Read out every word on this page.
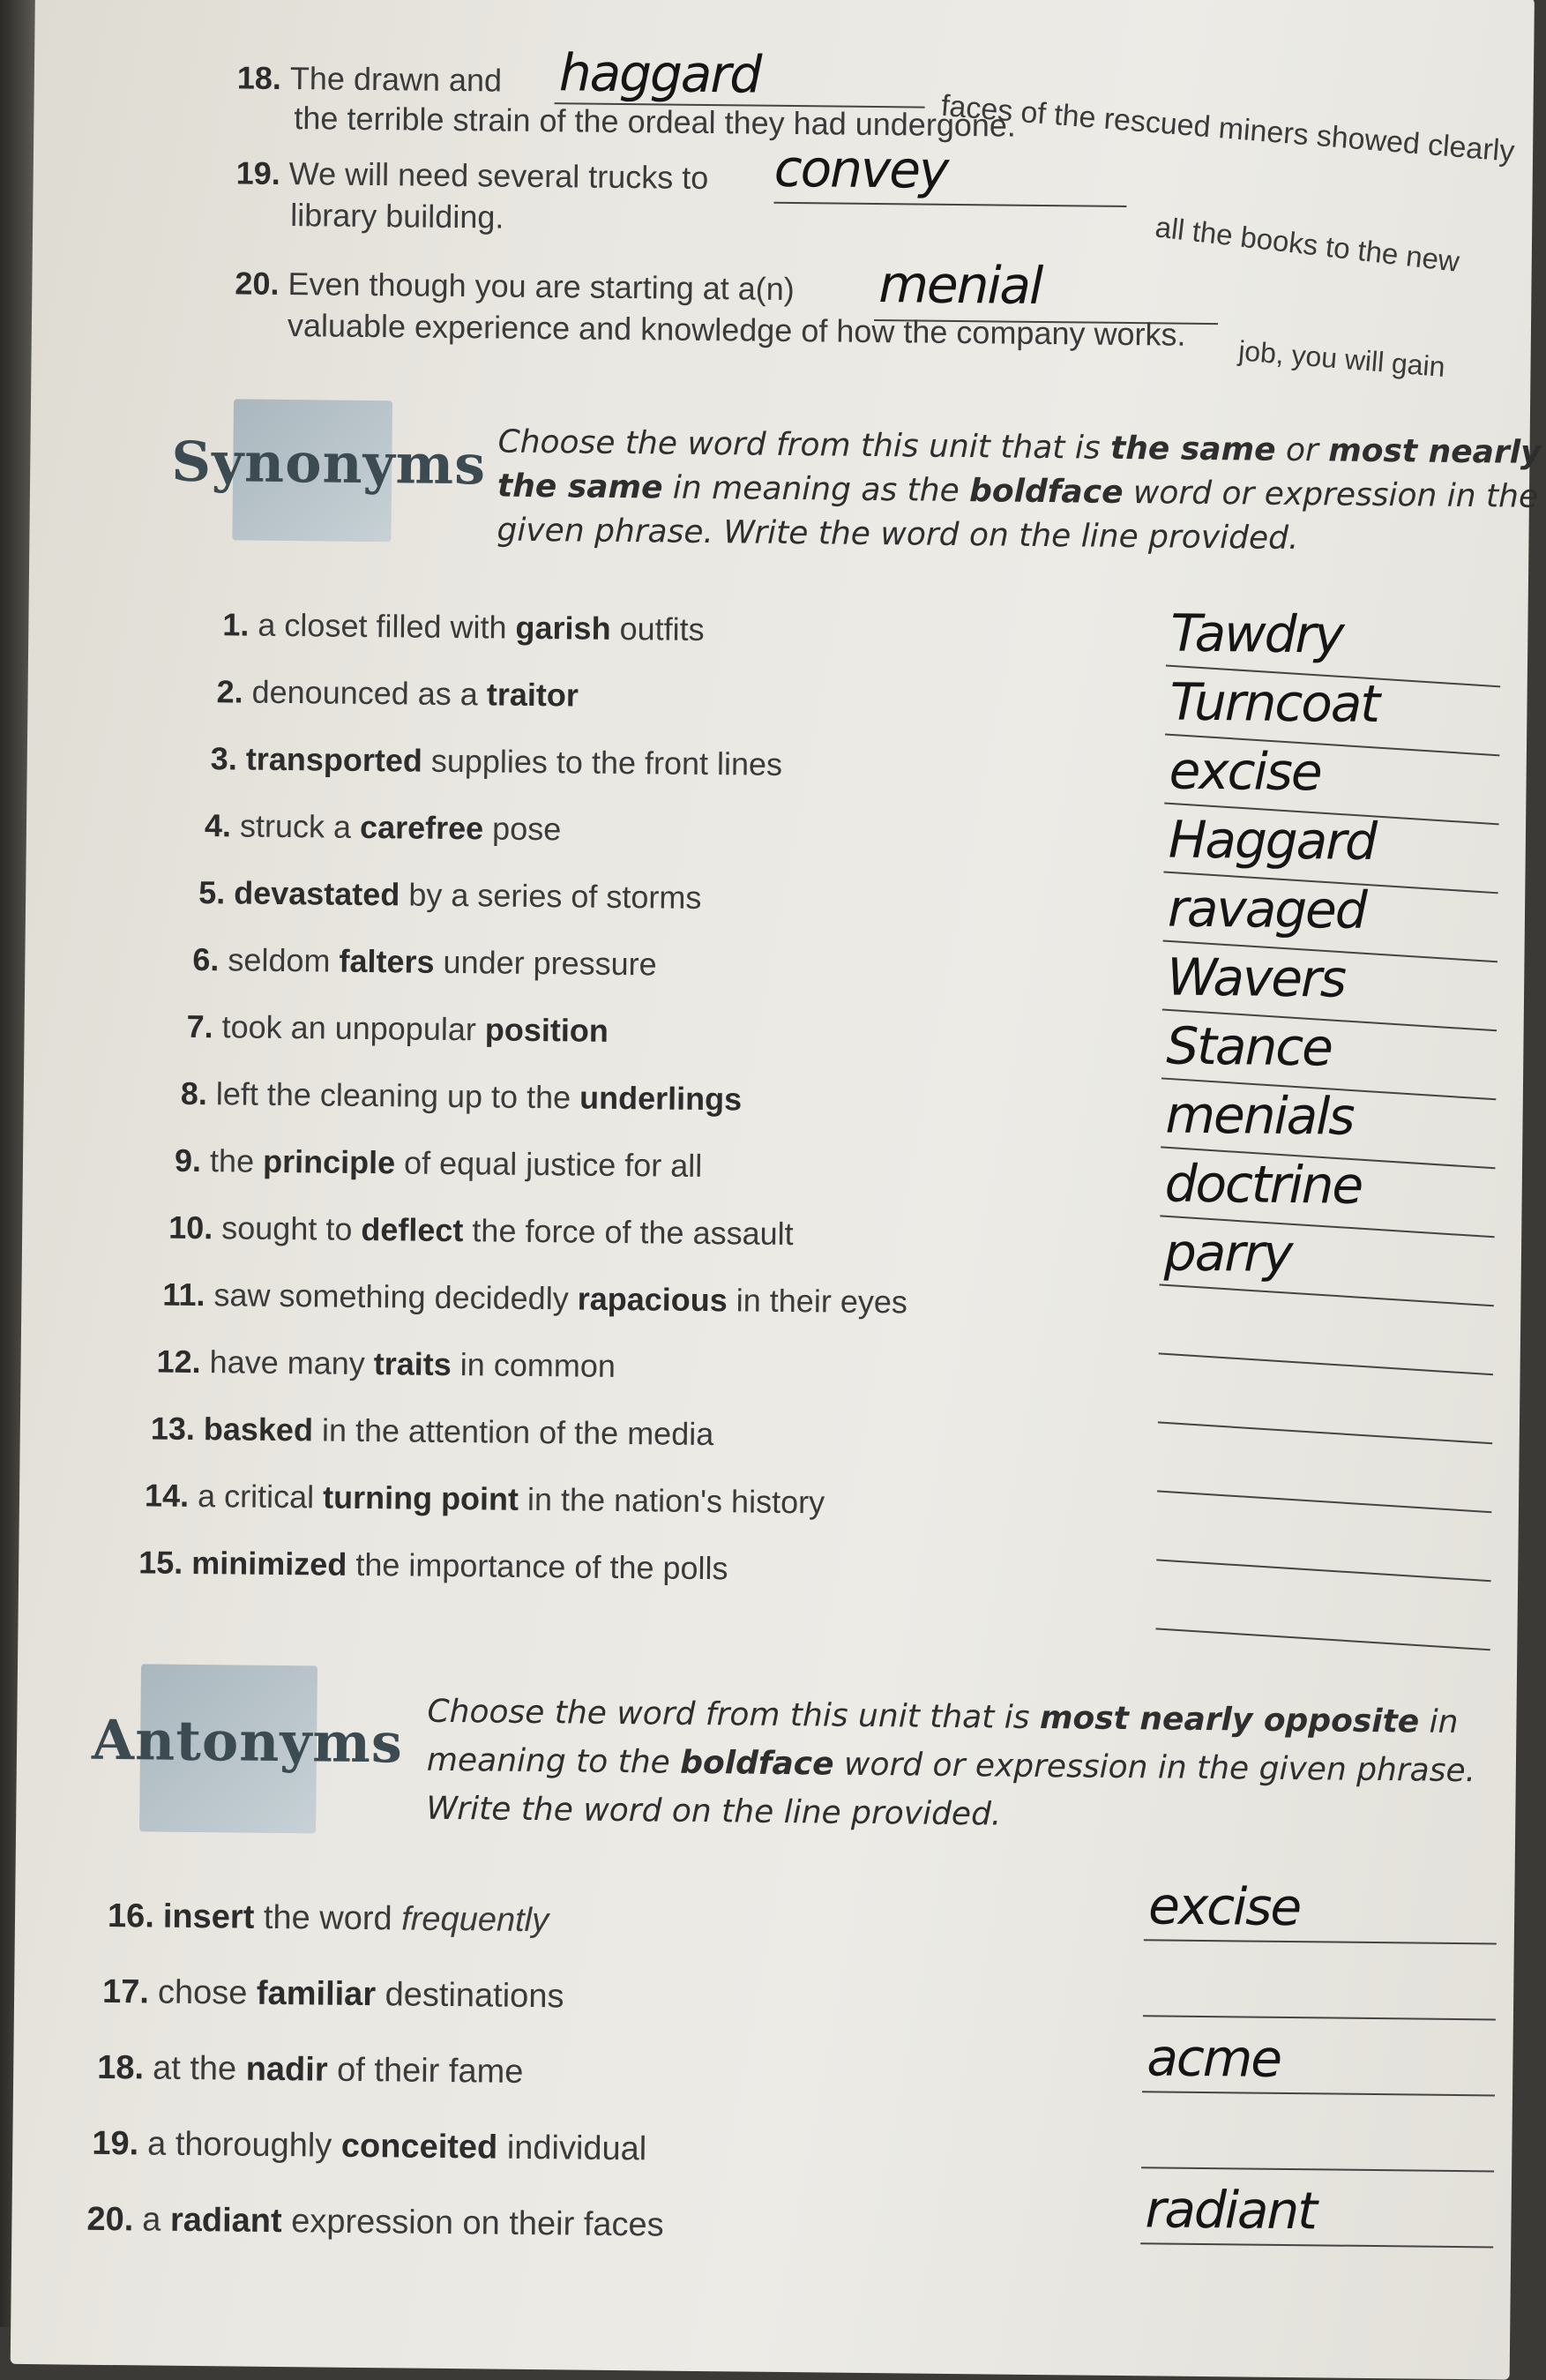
18. The drawn and haggard
faces of the rescued miners showed clearly
the terrible strain of the ordeal they had undergone.
19. We will need several trucks to convey
all the books to the new
library building.
20. Even though you are starting at a(n) menial
job, you will gain
valuable experience and knowledge of how the company works.
Synonyms Choose the word from this unit that is the same or most nearly
the same in meaning as the boldface word or expression in the
given phrase. Write the word on the line provided.
1. a closet filled with garish outfits	Tawdry
2. denounced as a traitor	Turncoat
3. transported supplies to the front lines	excise
4. struck a carefree pose	Haggard
5. devastated by a series of storms	ravaged
6. seldom falters under pressure	Wavers
7. took an unpopular position	Stance
8. left the cleaning up to the underlings	menials
9. the principle of equal justice for all	doctrine
10. sought to deflect the force of the assault	parry
11. saw something decidedly rapacious in their eyes
12. have many traits in common
13. basked in the attention of the media
14. a critical turning point in the nation's history
15. minimized the importance of the polls
Antonyms Choose the word from this unit that is most nearly opposite in
meaning to the boldface word or expression in the given phrase.
Write the word on the line provided.
16. insert the word frequently	excise
17. chose familiar destinations
18. at the nadir of their fame	acme
19. a thoroughly conceited individual
20. a radiant expression on their faces	radiant
